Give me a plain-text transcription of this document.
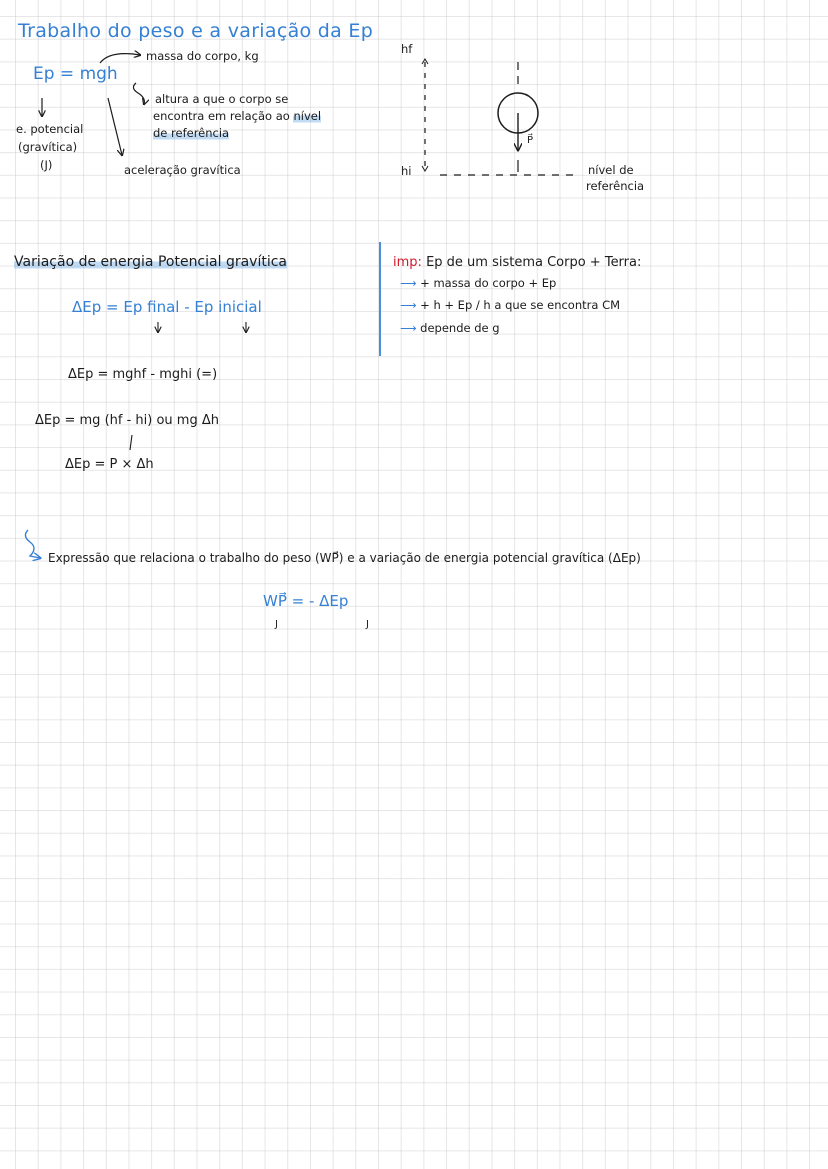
Trabalho do peso e a variação da Ep
massa do corpo, kg
Ep = mgh
altura a que o corpo se
encontra em relação ao nível
de referência
e. potencial
(gravítica)
(J)	aceleração gravítica
hf
hi
P⃗
nível de
referência
Variação de energia Potencial gravítica
ΔEp = Ep final - Ep inicial
ΔEp = mghf - mghi (=)
ΔEp = mg (hf - hi) ou mg Δh
ΔEp = P × Δh
imp: Ep de um sistema Corpo + Terra:
⟶ + massa do corpo + Ep
⟶ + h + Ep / h a que se encontra CM
⟶ depende de g
Expressão que relaciona o trabalho do peso (WP⃗) e a variação de energia potencial gravítica (ΔEp)
WP⃗ = - ΔEp
J	J
